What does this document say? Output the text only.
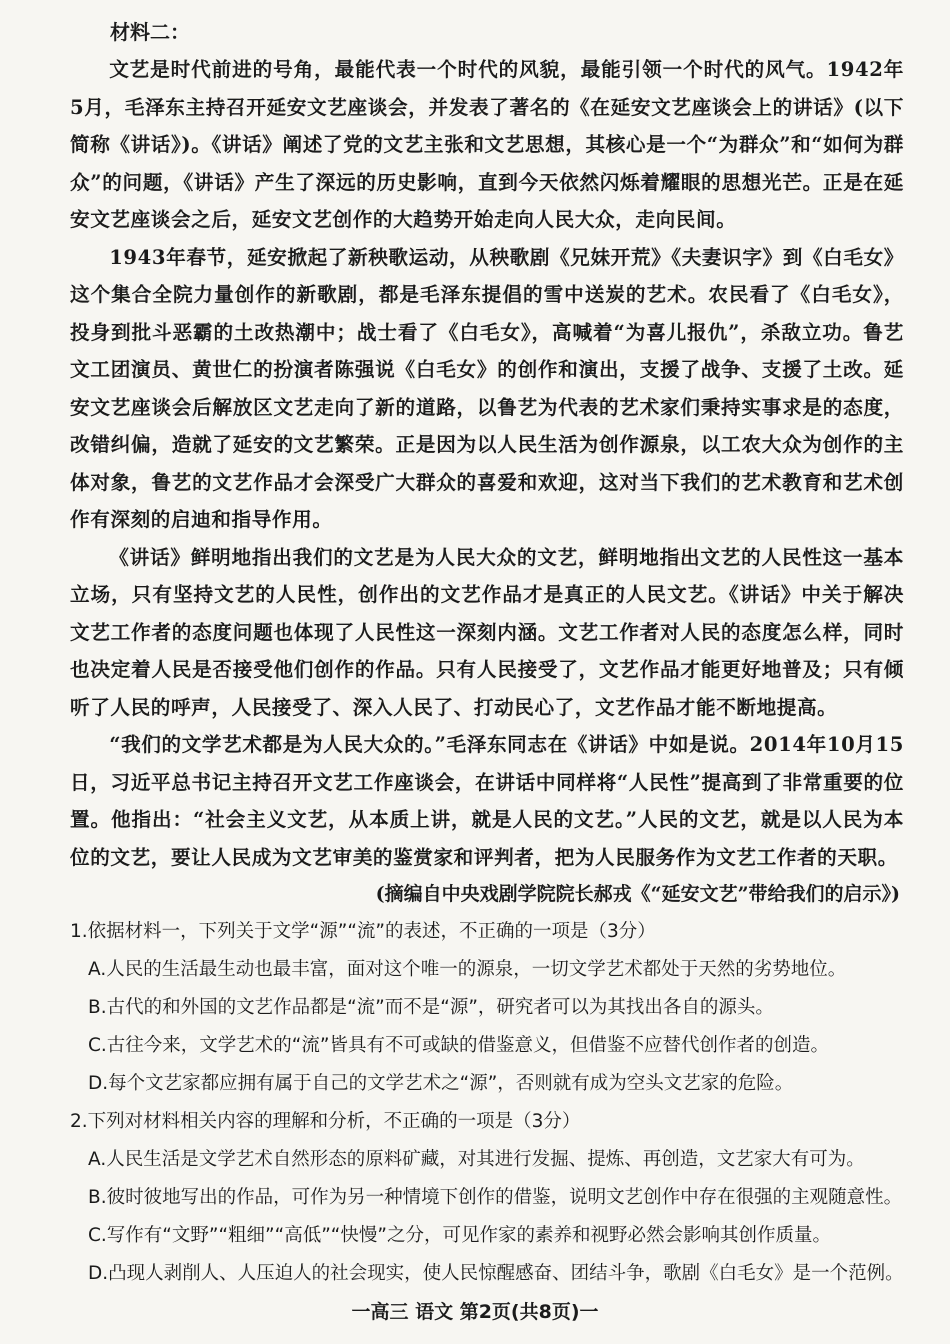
材料二：

文艺是时代前进的号角，最能代表一个时代的风貌，最能引领一个时代的风气。1942年5月，毛泽东主持召开延安文艺座谈会，并发表了著名的《在延安文艺座谈会上的讲话》(以下简称《讲话》)。《讲话》阐述了党的文艺主张和文艺思想，其核心是一个“为群众”和“如何为群众”的问题，《讲话》产生了深远的历史影响，直到今天依然闪烁着耀眼的思想光芒。正是在延安文艺座谈会之后，延安文艺创作的大趋势开始走向人民大众，走向民间。

1943年春节，延安掀起了新秧歌运动，从秧歌剧《兄妹开荒》《夫妻识字》到《白毛女》这个集合全院力量创作的新歌剧，都是毛泽东提倡的雪中送炭的艺术。农民看了《白毛女》，投身到批斗恶霸的土改热潮中；战士看了《白毛女》，高喊着“为喜儿报仇”，杀敌立功。鲁艺文工团演员、黄世仁的扮演者陈强说《白毛女》的创作和演出，支援了战争、支援了土改。延安文艺座谈会后解放区文艺走向了新的道路，以鲁艺为代表的艺术家们秉持实事求是的态度，改错纠偏，造就了延安的文艺繁荣。正是因为以人民生活为创作源泉，以工农大众为创作的主体对象，鲁艺的文艺作品才会深受广大群众的喜爱和欢迎，这对当下我们的艺术教育和艺术创作有深刻的启迪和指导作用。

《讲话》鲜明地指出我们的文艺是为人民大众的文艺，鲜明地指出文艺的人民性这一基本立场，只有坚持文艺的人民性，创作出的文艺作品才是真正的人民文艺。《讲话》中关于解决文艺工作者的态度问题也体现了人民性这一深刻内涵。文艺工作者对人民的态度怎么样，同时也决定着人民是否接受他们创作的作品。只有人民接受了，文艺作品才能更好地普及；只有倾听了人民的呼声，人民接受了、深入人民了、打动民心了，文艺作品才能不断地提高。

“我们的文学艺术都是为人民大众的。”毛泽东同志在《讲话》中如是说。2014年10月15日，习近平总书记主持召开文艺工作座谈会，在讲话中同样将“人民性”提高到了非常重要的位置。他指出：“社会主义文艺，从本质上讲，就是人民的文艺。”人民的文艺，就是以人民为本位的文艺，要让人民成为文艺审美的鉴赏家和评判者，把为人民服务作为文艺工作者的天职。

(摘编自中央戏剧学院院长郝戎《“延安文艺”带给我们的启示》)

1.依据材料一，下列关于文学“源”“流”的表述，不正确的一项是（3分）

A.人民的生活最生动也最丰富，面对这个唯一的源泉，一切文学艺术都处于天然的劣势地位。

B.古代的和外国的文艺作品都是“流”而不是“源”，研究者可以为其找出各自的源头。

C.古往今来，文学艺术的“流”皆具有不可或缺的借鉴意义，但借鉴不应替代创作者的创造。

D.每个文艺家都应拥有属于自己的文学艺术之“源”，否则就有成为空头文艺家的危险。

2.下列对材料相关内容的理解和分析，不正确的一项是（3分）

A.人民生活是文学艺术自然形态的原料矿藏，对其进行发掘、提炼、再创造，文艺家大有可为。

B.彼时彼地写出的作品，可作为另一种情境下创作的借鉴，说明文艺创作中存在很强的主观随意性。

C.写作有“文野”“粗细”“高低”“快慢”之分，可见作家的素养和视野必然会影响其创作质量。

D.凸现人剥削人、人压迫人的社会现实，使人民惊醒感奋、团结斗争，歌剧《白毛女》是一个范例。

一高三 语文 第2页(共8页)一
